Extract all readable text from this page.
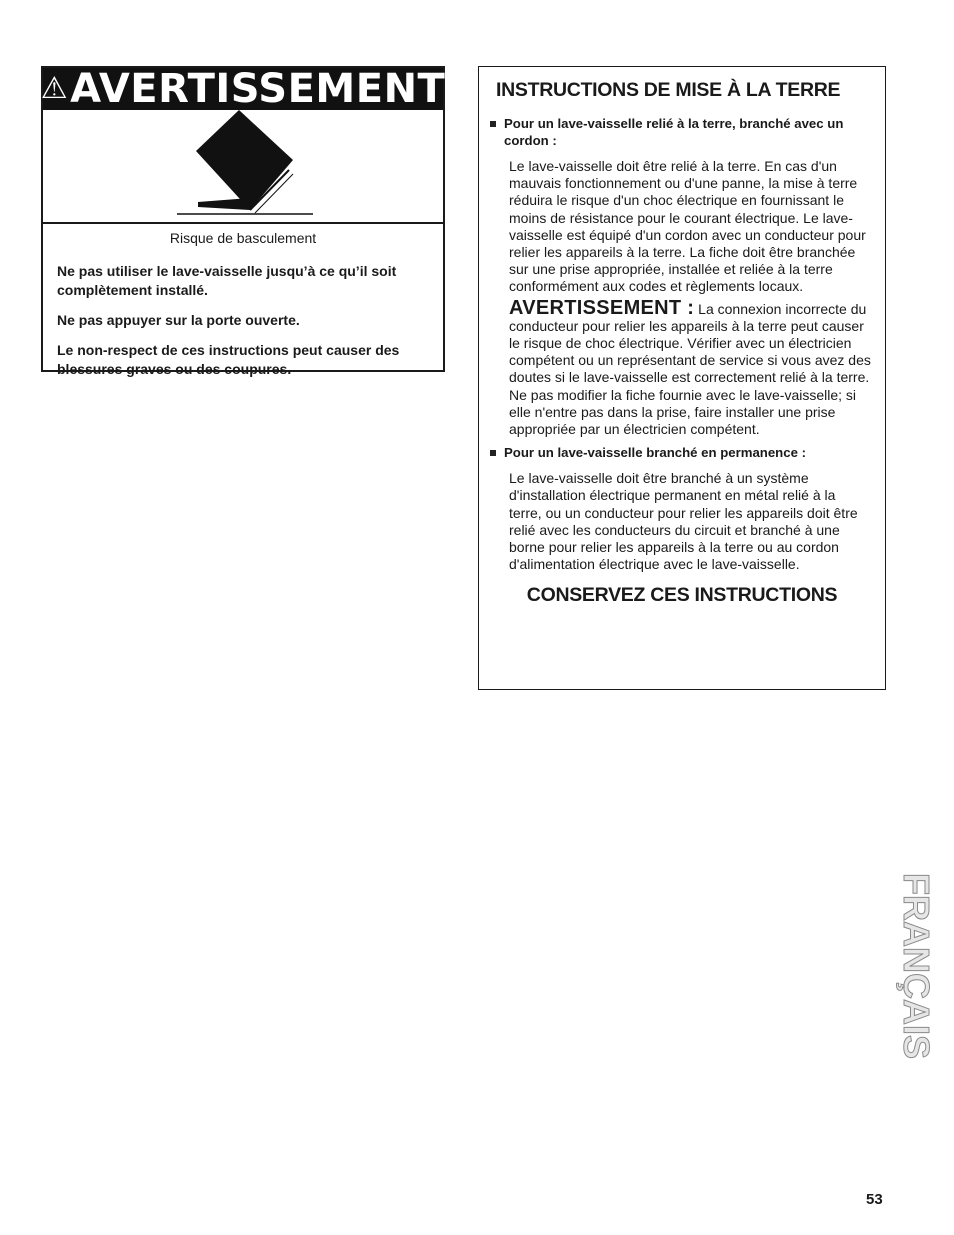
⚠ AVERTISSEMENT

Risque de basculement

Ne pas utiliser le lave-vaisselle jusqu’à ce qu’il soit complètement installé.

Ne pas appuyer sur la porte ouverte.

Le non-respect de ces instructions peut causer des blessures graves ou des coupures.

INSTRUCTIONS DE MISE À LA TERRE
Pour un lave-vaisselle relié à la terre, branché avec un cordon :
Le lave-vaisselle doit être relié à la terre. En cas d'un mauvais fonctionnement ou d'une panne, la mise à terre réduira le risque d'un choc électrique en fournissant le moins de résistance pour le courant électrique. Le lave-vaisselle est équipé d'un cordon avec un conducteur pour relier les appareils à la terre. La fiche doit être branchée sur une prise appropriée, installée et reliée à la terre conformément aux codes et règlements locaux.
AVERTISSEMENT : La connexion incorrecte du conducteur pour relier les appareils à la terre peut causer le risque de choc électrique. Vérifier avec un électricien compétent ou un représentant de service si vous avez des doutes si le lave-vaisselle est correctement relié à la terre. Ne pas modifier la fiche fournie avec le lave-vaisselle; si elle n'entre pas dans la prise, faire installer une prise appropriée par un électricien compétent.
Pour un lave-vaisselle branché en permanence :
Le lave-vaisselle doit être branché à un système d'installation électrique permanent en métal relié à la terre, ou un conducteur pour relier les appareils doit être relié avec les conducteurs du circuit et branché à une borne pour relier les appareils à la terre ou au cordon d'alimentation électrique avec le lave-vaisselle.
CONSERVEZ CES INSTRUCTIONS
FRANÇAIS
53
